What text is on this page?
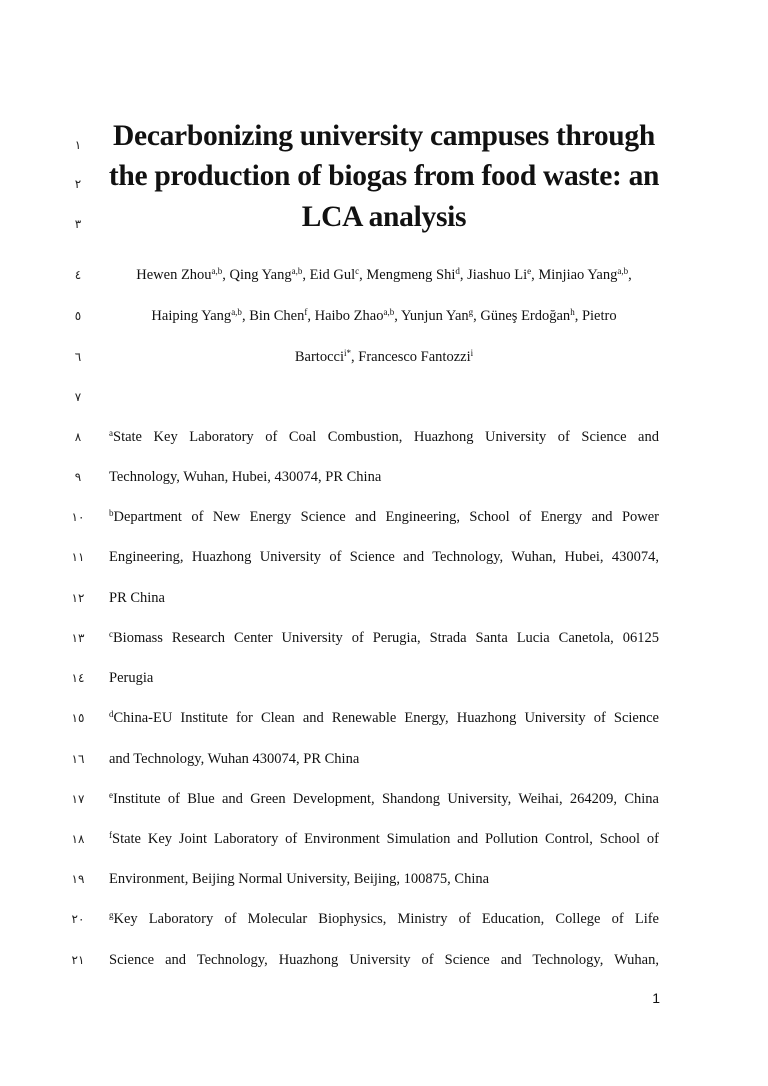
١
٢
٣
٤
٥
٦
٧
٨
٩
١٠
١١
١٢
١٣
١٤
١٥
١٦
١٧
١٨
١٩
٢٠
٢١
Decarbonizing university campuses through
the production of biogas from food waste: an
LCA analysis
Hewen Zhou$^{a,b}$, Qing Yang$^{a,b}$, Eid Gul$^c$, Mengmeng Shi$^d$, Jiashuo Li$^e$, Minjiao Yang$^{a,b}$,
Haiping Yang$^{a,b}$, Bin Chen$^f$, Haibo Zhao$^{a,b}$, Yunjun Yan$^g$, Güneş Erdoğan$^h$, Pietro
Bartocci$^{i*}$, Francesco Fantozzi$^i$
$^a$State Key Laboratory of Coal Combustion, Huazhong University of Science and
Technology, Wuhan, Hubei, 430074, PR China
$^b$Department of New Energy Science and Engineering, School of Energy and Power
Engineering, Huazhong University of Science and Technology, Wuhan, Hubei, 430074,
PR China
$^c$Biomass Research Center University of Perugia, Strada Santa Lucia Canetola, 06125
Perugia
$^d$China-EU Institute for Clean and Renewable Energy, Huazhong University of Science
and Technology, Wuhan 430074, PR China
$^e$Institute of Blue and Green Development, Shandong University, Weihai, 264209, China
$^f$State Key Joint Laboratory of Environment Simulation and Pollution Control, School of
Environment, Beijing Normal University, Beijing, 100875, China
$^g$Key Laboratory of Molecular Biophysics, Ministry of Education, College of Life
Science and Technology, Huazhong University of Science and Technology, Wuhan,
1
